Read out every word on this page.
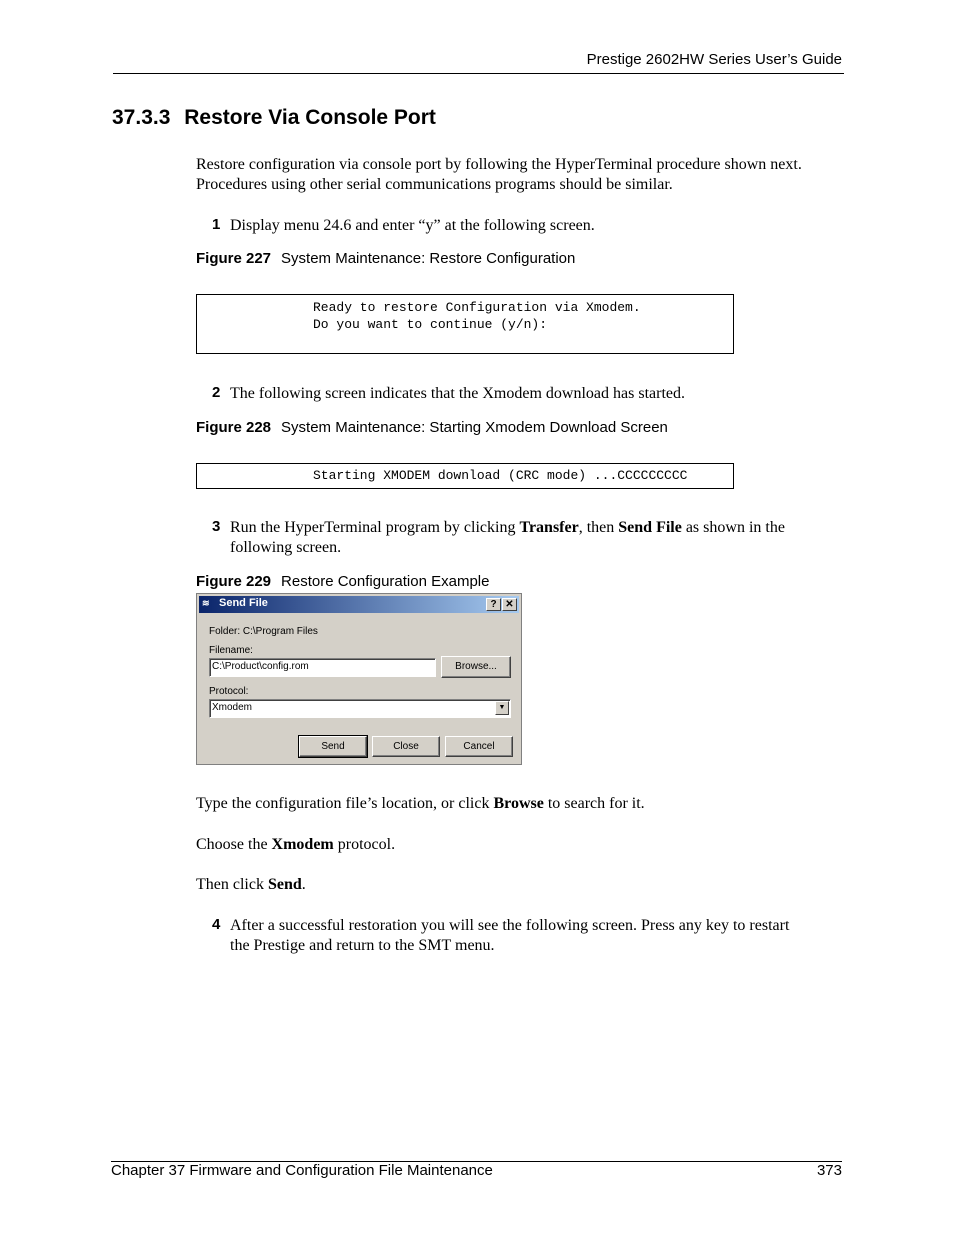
Prestige 2602HW Series User’s Guide
37.3.3 Restore Via Console Port
Restore configuration via console port by following the HyperTerminal procedure shown next.
Procedures using other serial communications programs should be similar.
1 Display menu 24.6 and enter “y” at the following screen.
Figure 227 System Maintenance: Restore Configuration
Ready to restore Configuration via Xmodem.
Do you want to continue (y/n):
2 The following screen indicates that the Xmodem download has started.
Figure 228 System Maintenance: Starting Xmodem Download Screen
Starting XMODEM download (CRC mode) ...CCCCCCCCC
3 Run the HyperTerminal program by clicking Transfer, then Send File as shown in the
following screen.
Figure 229 Restore Configuration Example
≋ Send File	? ✕
Folder: C:\Program Files
Filename:
C:\Product\config.rom	Browse...
Protocol:
Xmodem	▼
Send	Close	Cancel
Type the configuration file’s location, or click Browse to search for it.
Choose the Xmodem protocol.
Then click Send.
4 After a successful restoration you will see the following screen. Press any key to restart
the Prestige and return to the SMT menu.
Chapter 37 Firmware and Configuration File Maintenance	373
